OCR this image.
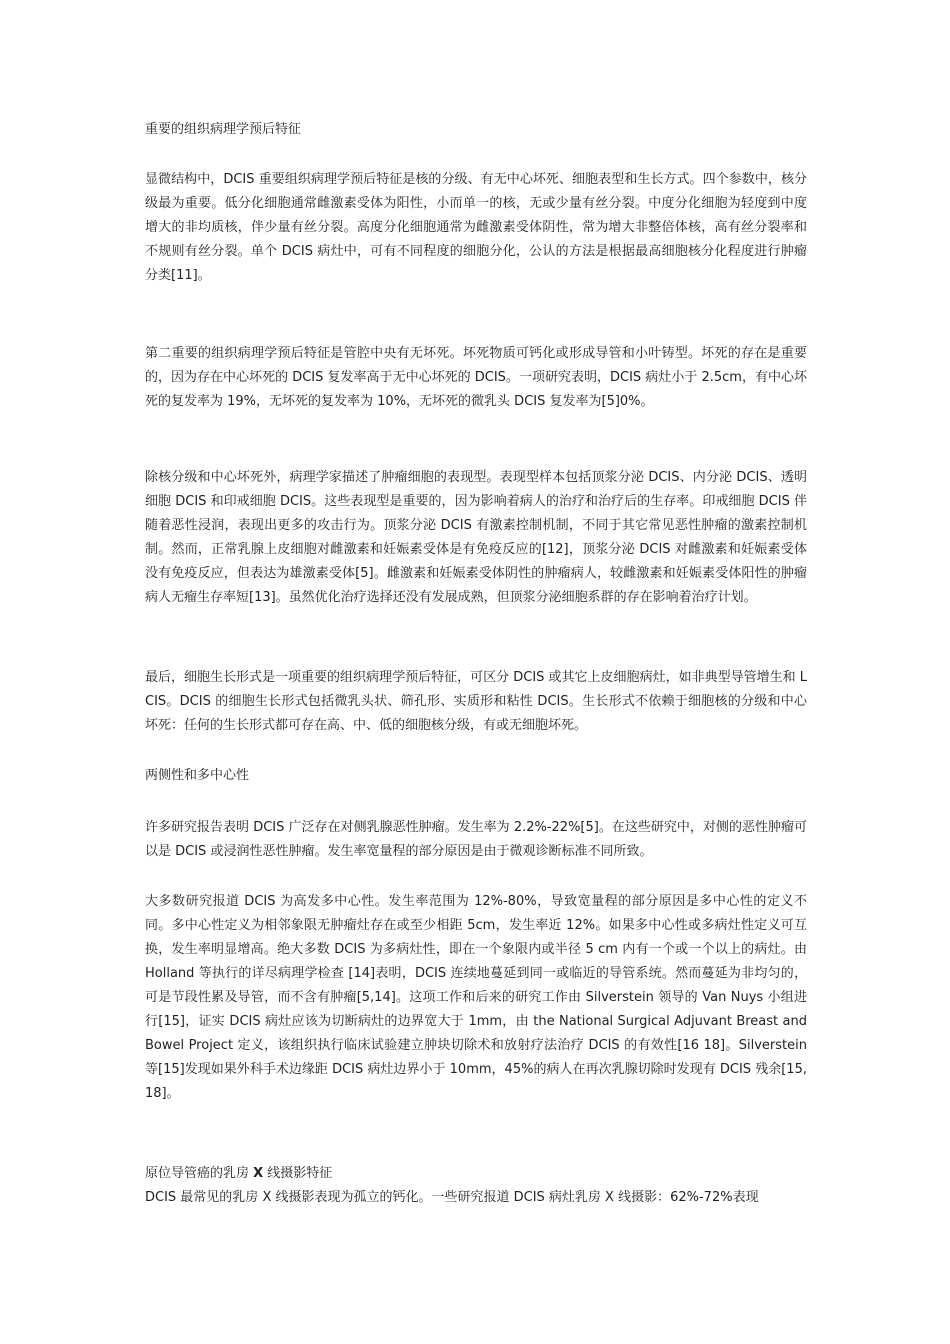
重要的组织病理学预后特征
显微结构中，DCIS 重要组织病理学预后特征是核的分级、有无中心坏死、细胞表型和生长方式。四个参数中，核分级最为重要。低分化细胞通常雌激素受体为阳性，小而单一的核，无或少量有丝分裂。中度分化细胞为轻度到中度增大的非均质核，伴少量有丝分裂。高度分化细胞通常为雌激素受体阴性，常为增大非整倍体核，高有丝分裂率和不规则有丝分裂。单个 DCIS 病灶中，可有不同程度的细胞分化，公认的方法是根据最高细胞核分化程度进行肿瘤分类[11]。
第二重要的组织病理学预后特征是管腔中央有无坏死。坏死物质可钙化或形成导管和小叶铸型。坏死的存在是重要的，因为存在中心坏死的 DCIS 复发率高于无中心坏死的 DCIS。一项研究表明，DCIS 病灶小于 2.5cm，有中心坏死的复发率为 19%，无坏死的复发率为 10%，无坏死的微乳头 DCIS 复发率为[5]0%。
除核分级和中心坏死外，病理学家描述了肿瘤细胞的表现型。表现型样本包括顶浆分泌 DCIS、内分泌 DCIS、透明细胞 DCIS 和印戒细胞 DCIS。这些表现型是重要的，因为影响着病人的治疗和治疗后的生存率。印戒细胞 DCIS 伴随着恶性浸润，表现出更多的攻击行为。顶浆分泌 DCIS 有激素控制机制，不同于其它常见恶性肿瘤的激素控制机制。然而，正常乳腺上皮细胞对雌激素和妊娠素受体是有免疫反应的[12]，顶浆分泌 DCIS 对雌激素和妊娠素受体没有免疫反应，但表达为雄激素受体[5]。雌激素和妊娠素受体阴性的肿瘤病人，较雌激素和妊娠素受体阳性的肿瘤病人无瘤生存率短[13]。虽然优化治疗选择还没有发展成熟，但顶浆分泌细胞系群的存在影响着治疗计划。
最后，细胞生长形式是一项重要的组织病理学预后特征，可区分 DCIS 或其它上皮细胞病灶，如非典型导管增生和 LCIS。DCIS 的细胞生长形式包括微乳头状、筛孔形、实质形和粘性 DCIS。生长形式不依赖于细胞核的分级和中心坏死：任何的生长形式都可存在高、中、低的细胞核分级，有或无细胞坏死。
两侧性和多中心性
许多研究报告表明 DCIS 广泛存在对侧乳腺恶性肿瘤。发生率为 2.2%-22%[5]。在这些研究中，对侧的恶性肿瘤可以是 DCIS 或浸润性恶性肿瘤。发生率宽量程的部分原因是由于微观诊断标准不同所致。
大多数研究报道 DCIS 为高发多中心性。发生率范围为 12%-80%，导致宽量程的部分原因是多中心性的定义不同。多中心性定义为相邻象限无肿瘤灶存在或至少相距 5cm，发生率近 12%。如果多中心性或多病灶性定义可互换，发生率明显增高。绝大多数 DCIS 为多病灶性，即在一个象限内或半径 5 cm 内有一个或一个以上的病灶。由 Holland 等执行的详尽病理学检查 [14]表明，DCIS 连续地蔓延到同一或临近的导管系统。然而蔓延为非均匀的，可是节段性累及导管，而不含有肿瘤[5,14]。这项工作和后来的研究工作由 Silverstein 领导的 Van Nuys 小组进行[15]，证实 DCIS 病灶应该为切断病灶的边界宽大于 1mm，由 the National Surgical Adjuvant Breast and Bowel Project 定义，该组织执行临床试验建立肿块切除术和放射疗法治疗 DCIS 的有效性[16 18]。Silverstein 等[15]发现如果外科手术边缘距 DCIS 病灶边界小于 10mm，45%的病人在再次乳腺切除时发现有 DCIS 残余[15,18]。
原位导管癌的乳房 X 线摄影特征
DCIS 最常见的乳房 X 线摄影表现为孤立的钙化。一些研究报道 DCIS 病灶乳房 X 线摄影：62%-72%表现
